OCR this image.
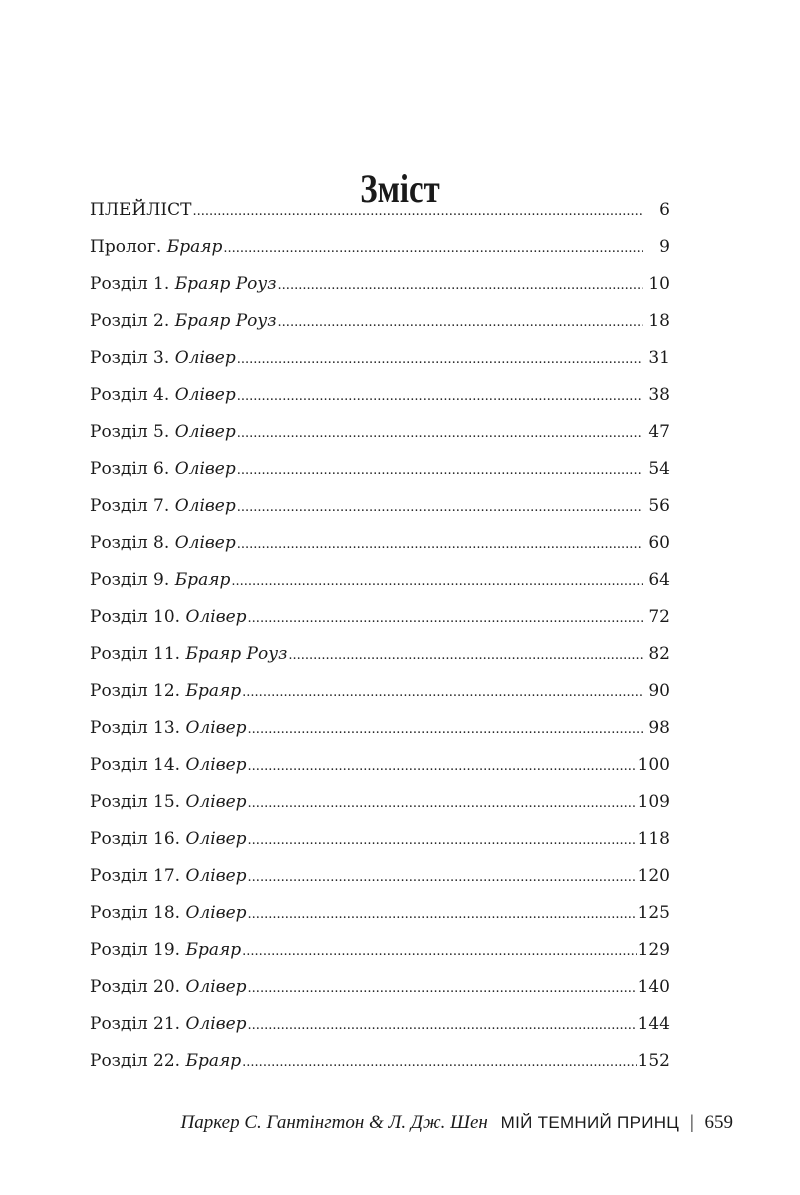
Зміст
ПЛЕЙЛІСТ .....	6
Пролог. Браяр .....	9
Розділ 1. Браяр Роуз .....	10
Розділ 2. Браяр Роуз .....	18
Розділ 3. Олівер .....	31
Розділ 4. Олівер .....	38
Розділ 5. Олівер .....	47
Розділ 6. Олівер .....	54
Розділ 7. Олівер .....	56
Розділ 8. Олівер .....	60
Розділ 9. Браяр .....	64
Розділ 10. Олівер .....	72
Розділ 11. Браяр Роуз .....	82
Розділ 12. Браяр .....	90
Розділ 13. Олівер .....	98
Розділ 14. Олівер .....	100
Розділ 15. Олівер .....	109
Розділ 16. Олівер .....	118
Розділ 17. Олівер .....	120
Розділ 18. Олівер .....	125
Розділ 19. Браяр .....	129
Розділ 20. Олівер .....	140
Розділ 21. Олівер .....	144
Розділ 22. Браяр .....	152
Паркер С. Гантінгтон & Л. Дж. Шен МІЙ ТЕМНИЙ ПРИНЦ | 659
